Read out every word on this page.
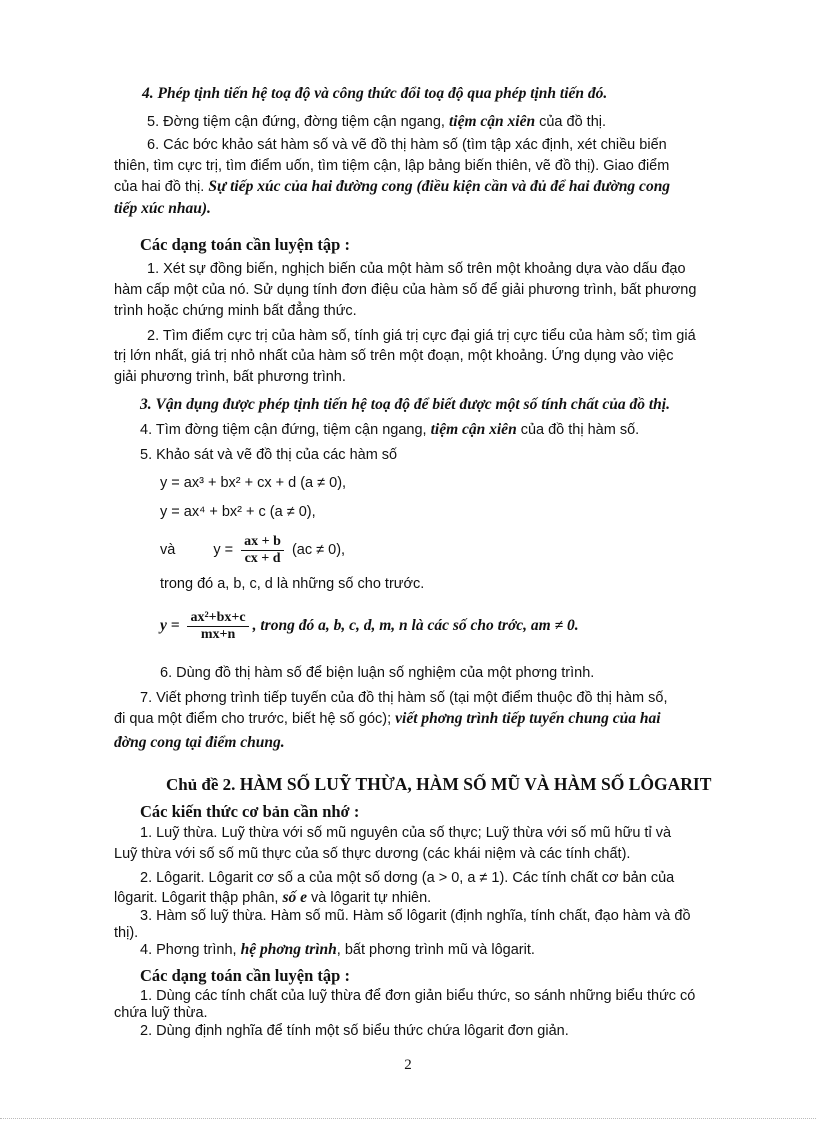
4. Phép tịnh tiến hệ toạ độ và công thức đổi toạ độ qua phép tịnh tiến đó.
5. Đờng tiệm cận đứng, đờng tiệm cận ngang, tiệm cận xiên của đồ thị.
6. Các bớc khảo sát hàm số và vẽ đồ thị hàm số (tìm tập xác định, xét chiều biến
thiên, tìm cực trị, tìm điểm uốn, tìm tiệm cận, lập bảng biến thiên, vẽ đồ thị). Giao điểm
của hai đồ thị. Sự tiếp xúc của hai đường cong (điều kiện cần và đủ để hai đường cong
tiếp xúc nhau).
Các dạng toán cần luyện tập :
1. Xét sự đồng biến, nghịch biến của một hàm số trên một khoảng dựa vào dấu đạo
hàm cấp một của nó. Sử dụng tính đơn điệu của hàm số để giải phương trình, bất phương
trình hoặc chứng minh bất đẳng thức.
2. Tìm điểm cực trị của hàm số, tính giá trị cực đại giá trị cực tiểu của hàm số; tìm giá
trị lớn nhất, giá trị nhỏ nhất của hàm số trên một đoạn, một khoảng. Ứng dụng vào việc
giải phương trình, bất phương trình.
3. Vận dụng được phép tịnh tiến hệ toạ độ để biết được một số tính chất của đồ thị.
4. Tìm đờng tiệm cận đứng, tiệm cận ngang, tiệm cận xiên của đồ thị hàm số.
5. Khảo sát và vẽ đồ thị của các hàm số
y = ax³ + bx² + cx + d (a ≠ 0),
y = ax⁴ + bx² + c (a ≠ 0),
và	$y = \frac{ax + b}{cx + d} (ac \ne 0)$,
trong đó a, b, c, d là những số cho trước.
$y = \frac{\text{ax²+bx+c}}{mx+n}$ , trong đó a, b, c, d, m, n là các số cho trớc, am ≠ 0.
6. Dùng đồ thị hàm số để biện luận số nghiệm của một phơng trình.
7. Viết phơng trình tiếp tuyến của đồ thị hàm số (tại một điểm thuộc đồ thị hàm số,
đi qua một điểm cho trước, biết hệ số góc); viết phơng trình tiếp tuyến chung của hai
đờng cong tại điểm chung.
Chủ đề 2. HÀM SỐ LUỸ THỪA, HÀM SỐ MŨ VÀ HÀM SỐ LÔGARIT
Các kiến thức cơ bản cần nhớ :
1. Luỹ thừa. Luỹ thừa với số mũ nguyên của số thực; Luỹ thừa với số mũ hữu tỉ và
Luỹ thừa với số số mũ thực của số thực dương (các khái niệm và các tính chất).
2. Lôgarit. Lôgarit cơ số a của một số dơng (a > 0, a ≠ 1). Các tính chất cơ bản của
lôgarit. Lôgarit thập phân, số e và lôgarit tự nhiên.
3. Hàm số luỹ thừa. Hàm số mũ. Hàm số lôgarit (định nghĩa, tính chất, đạo hàm và đồ
thị).
4. Phơng trình, hệ phơng trình, bất phơng trình mũ và lôgarit.
Các dạng toán cần luyện tập :
1. Dùng các tính chất của luỹ thừa để đơn giản biểu thức, so sánh những biểu thức có
chứa luỹ thừa.
2. Dùng định nghĩa để tính một số biểu thức chứa lôgarit đơn giản.
2
